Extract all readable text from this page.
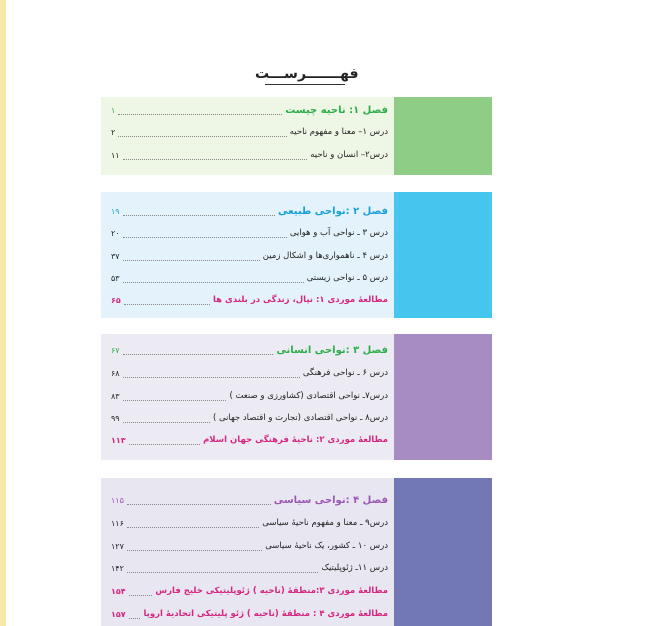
فهـــــــرســـت
فصل ۱: ناحیه چیست
۱
درس ۱– معنا و مفهوم ناحیه
۲
درس۲– انسان و ناحیه
۱۱
فصل ۲ :نواحی طبیعی
۱۹
درس ۳ ـ نواحی آب و هوایی
۲۰
درس ۴ ـ ناهمواری‌ها و اشکال زمین
۳۷
درس ۵ ـ نواحی زیستی
۵۳
مطالعهٔ موردی ۱: نپال، زندگی در بلندی ها
۶۵
فصل ۳ :نواحی انسانی
۶۷
درس ۶ ـ نواحی فرهنگی
۶۸
درس۷ـ نواحی اقتصادی (کشاورزی و صنعت )
۸۳
درس۸ ـ نواحی اقتصادی (تجارت و اقتصاد جهانی )
۹۹
مطالعهٔ موردی ۲: ناحیهٔ فرهنگی جهان اسلام
۱۱۳
فصل ۴ :نواحی سیاسی
۱۱۵
درس۹ ـ معنا و مفهوم ناحیهٔ سیاسی
۱۱۶
درس ۱۰ ـ کشور، یک ناحیهٔ سیاسی
۱۲۷
درس ۱۱ـ ژئوپلیتیک
۱۴۲
مطالعهٔ موردی ۳:منطقهٔ (ناحیه ) ژئوپلیتیکی خلیج فارس
۱۵۴
مطالعهٔ موردی ۴ : منطقهٔ (ناحیه ) ژئو پلیتیکی اتحادیهٔ اروپا
۱۵۷
